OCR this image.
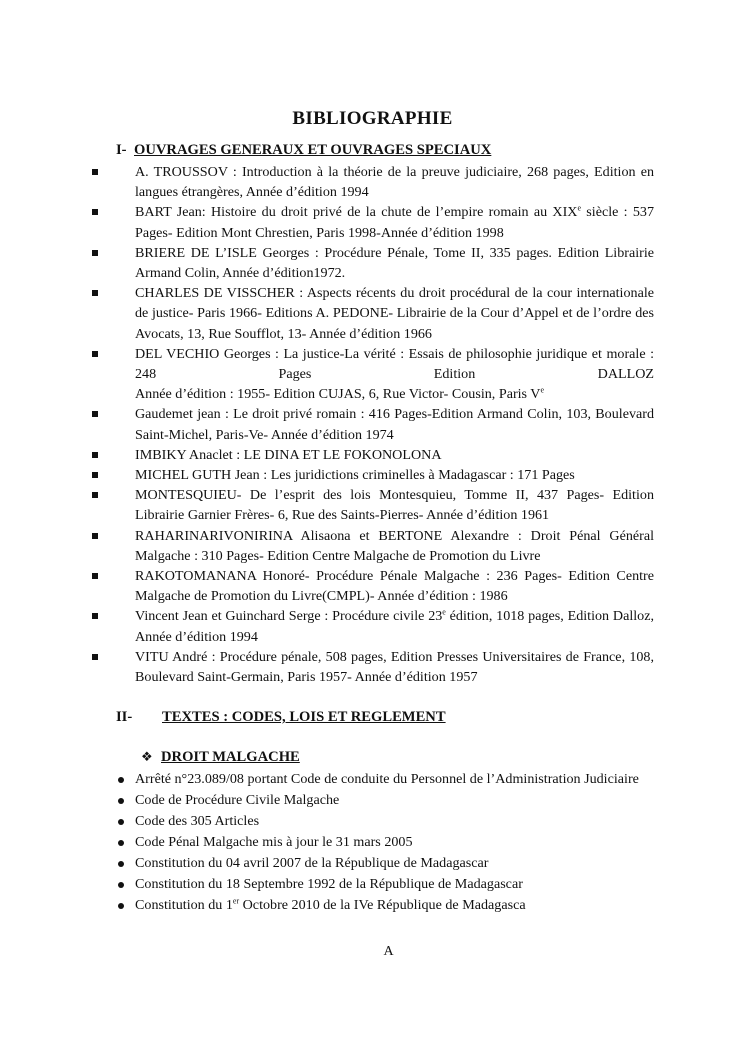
BIBLIOGRAPHIE
I- OUVRAGES GENERAUX ET OUVRAGES SPECIAUX
A. TROUSSOV : Introduction à la théorie de la preuve judiciaire, 268 pages, Edition en langues étrangères, Année d’édition 1994
BART Jean: Histoire du droit privé de la chute de l’empire romain au XIXe siècle : 537 Pages- Edition Mont Chrestien, Paris 1998-Année d’édition 1998
BRIERE DE L’ISLE Georges : Procédure Pénale, Tome II, 335 pages. Edition Librairie Armand Colin, Année d’édition1972.
CHARLES DE VISSCHER : Aspects récents du droit procédural de la cour internationale de justice- Paris 1966- Editions A. PEDONE- Librairie de la Cour d’Appel et de l’ordre des Avocats, 13, Rue Soufflot, 13- Année d’édition 1966
DEL VECHIO Georges : La justice-La vérité : Essais de philosophie juridique et morale : 248 Pages Edition DALLOZ
Année d’édition : 1955- Edition CUJAS, 6, Rue Victor- Cousin, Paris Ve
Gaudemet jean : Le droit privé romain : 416 Pages-Edition Armand Colin, 103, Boulevard Saint-Michel, Paris-Ve- Année d’édition 1974
IMBIKY Anaclet : LE DINA ET LE FOKONOLONA
MICHEL GUTH Jean : Les juridictions criminelles à Madagascar : 171 Pages
MONTESQUIEU- De l’esprit des lois Montesquieu, Tomme II, 437 Pages- Edition Librairie Garnier Frères- 6, Rue des Saints-Pierres- Année d’édition 1961
RAHARINARIVONIRINA Alisaona et BERTONE Alexandre : Droit Pénal Général Malgache : 310 Pages- Edition Centre Malgache de Promotion du Livre
RAKOTOMANANA Honoré- Procédure Pénale Malgache : 236 Pages- Edition Centre Malgache de Promotion du Livre(CMPL)- Année d’édition : 1986
Vincent Jean et Guinchard Serge : Procédure civile 23e édition, 1018 pages, Edition Dalloz, Année d’édition 1994
VITU André : Procédure pénale, 508 pages, Edition Presses Universitaires de France, 108, Boulevard Saint-Germain, Paris 1957- Année d’édition 1957
II- TEXTES : CODES, LOIS ET REGLEMENT
❖ DROIT MALGACHE
Arrêté n°23.089/08 portant Code de conduite du Personnel de l’Administration Judiciaire
Code de Procédure Civile Malgache
Code des 305 Articles
Code Pénal Malgache mis à jour le 31 mars 2005
Constitution du 04 avril 2007 de la République de Madagascar
Constitution du 18 Septembre 1992 de la République de Madagascar
Constitution du 1er Octobre 2010 de la IVe République de Madagasca
A
